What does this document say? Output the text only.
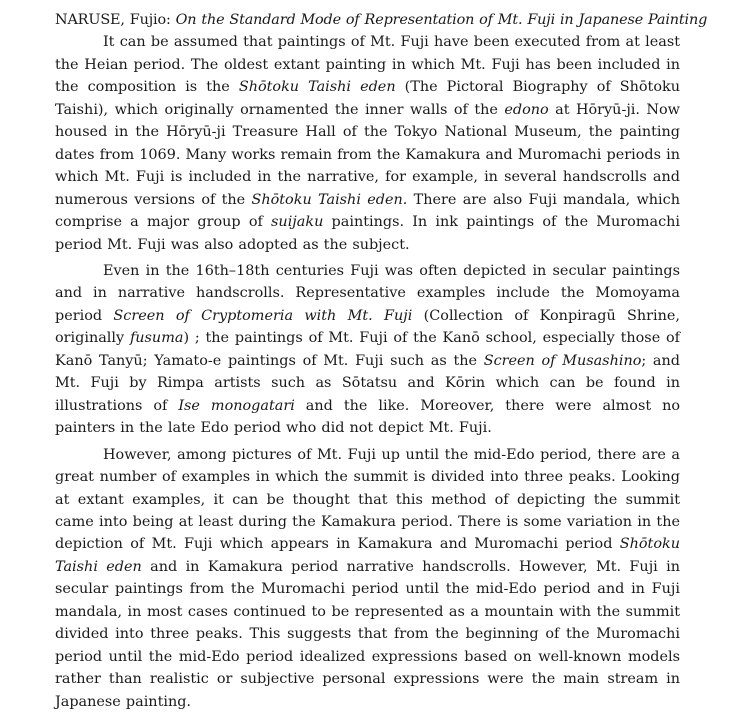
NARUSE, Fujio: On the Standard Mode of Representation of Mt. Fuji in Japanese Painting

It can be assumed that paintings of Mt. Fuji have been executed from at least the Heian period. The oldest extant painting in which Mt. Fuji has been included in the composition is the Shōtoku Taishi eden (The Pictoral Biography of Shōtoku Taishi), which originally ornamented the inner walls of the edono at Hōryū-ji. Now housed in the Hōryū-ji Treasure Hall of the Tokyo National Museum, the painting dates from 1069. Many works remain from the Kamakura and Muromachi periods in which Mt. Fuji is included in the narrative, for example, in several handscrolls and numerous versions of the Shōtoku Taishi eden. There are also Fuji mandala, which comprise a major group of suijaku paintings. In ink paintings of the Muromachi period Mt. Fuji was also adopted as the subject.

Even in the 16th–18th centuries Fuji was often depicted in secular paintings and in narrative handscrolls. Representative examples include the Momoyama period Screen of Cryptomeria with Mt. Fuji (Collection of Konpiragū Shrine, originally fusuma) ; the paintings of Mt. Fuji of the Kanō school, especially those of Kanō Tanyū; Yamato-e paintings of Mt. Fuji such as the Screen of Musashino; and Mt. Fuji by Rimpa artists such as Sōtatsu and Kōrin which can be found in illustrations of Ise monogatari and the like. Moreover, there were almost no painters in the late Edo period who did not depict Mt. Fuji.

However, among pictures of Mt. Fuji up until the mid-Edo period, there are a great number of examples in which the summit is divided into three peaks. Looking at extant examples, it can be thought that this method of depicting the summit came into being at least during the Kamakura period. There is some variation in the depiction of Mt. Fuji which appears in Kamakura and Muromachi period Shōtoku Taishi eden and in Kamakura period narrative handscrolls. However, Mt. Fuji in secular paintings from the Muromachi period until the mid-Edo period and in Fuji mandala, in most cases continued to be represented as a mountain with the summit divided into three peaks. This suggests that from the beginning of the Muromachi period until the mid-Edo period idealized expressions based on well-known models rather than realistic or subjective personal expressions were the main stream in Japanese painting.
